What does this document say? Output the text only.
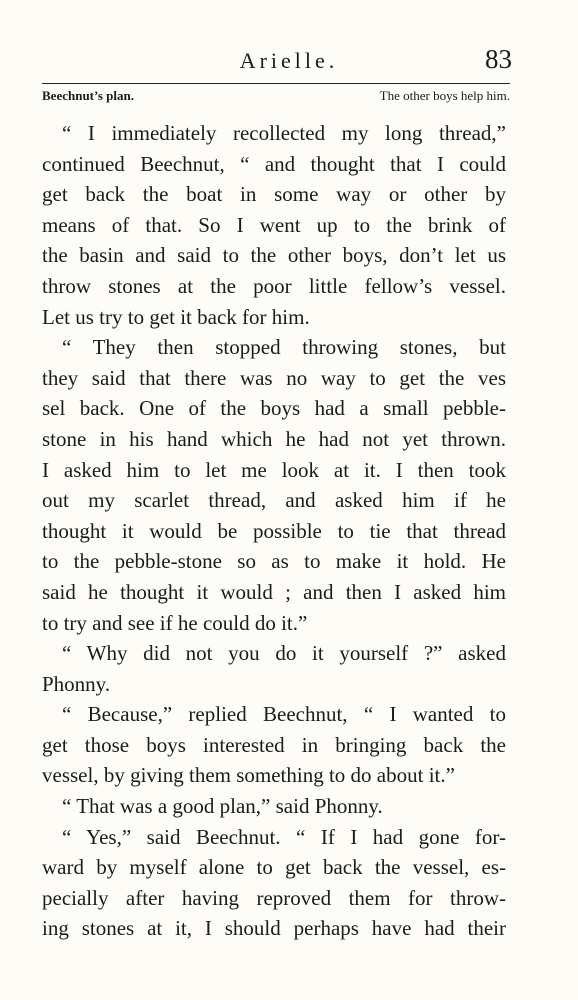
Arielle.	83
Beechnut’s plan.	The other boys help him.
“ I immediately recollected my long thread,”
continued Beechnut, “ and thought that I could
get back the boat in some way or other by
means of that. So I went up to the brink of
the basin and said to the other boys, don’t let us
throw stones at the poor little fellow’s vessel.
Let us try to get it back for him.
“ They then stopped throwing stones, but
they said that there was no way to get the ves
sel back. One of the boys had a small pebble-
stone in his hand which he had not yet thrown.
I asked him to let me look at it. I then took
out my scarlet thread, and asked him if he
thought it would be possible to tie that thread
to the pebble-stone so as to make it hold. He
said he thought it would ; and then I asked him
to try and see if he could do it.”
“ Why did not you do it yourself ?” asked
Phonny.
“ Because,” replied Beechnut, “ I wanted to
get those boys interested in bringing back the
vessel, by giving them something to do about it.”
“ That was a good plan,” said Phonny.
“ Yes,” said Beechnut. “ If I had gone for-
ward by myself alone to get back the vessel, es-
pecially after having reproved them for throw-
ing stones at it, I should perhaps have had their
